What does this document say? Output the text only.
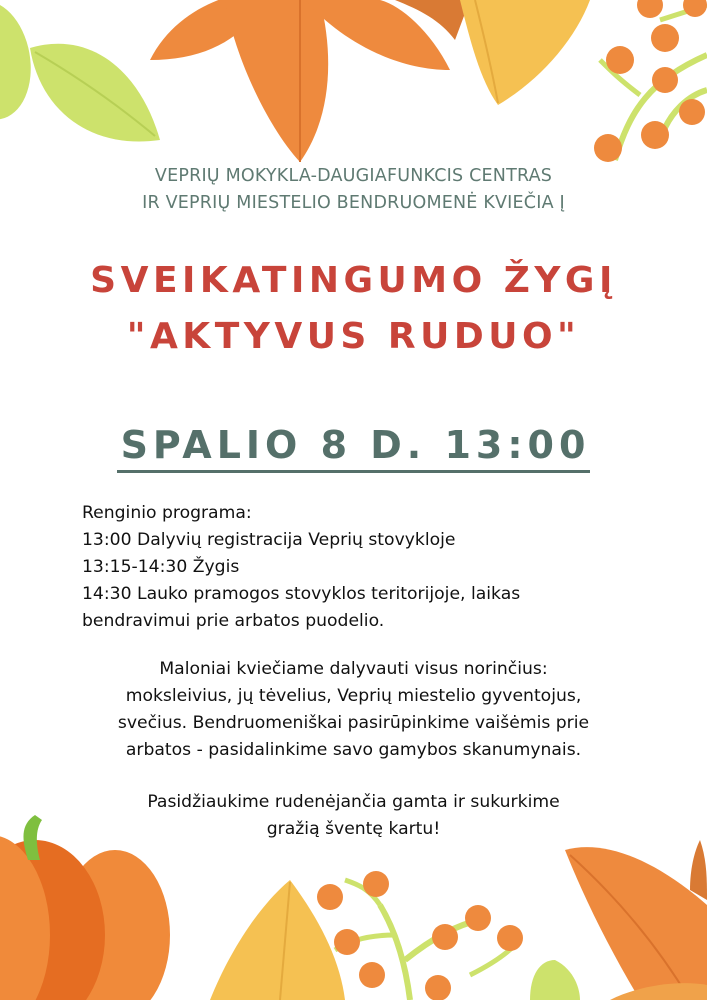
VEPRIŲ MOKYKLA-DAUGIAFUNKCIS CENTRAS
IR VEPRIŲ MIESTELIO BENDRUOMENĖ KVIEČIA Į
SVEIKATINGUMO ŽYGĮ
"AKTYVUS RUDUO"
SPALIO 8 D. 13:00
Renginio programa:
13:00 Dalyvių registracija Veprių stovykloje
13:15-14:30 Žygis
14:30 Lauko pramogos stovyklos teritorijoje, laikas
bendravimui prie arbatos puodelio.
Maloniai kviečiame dalyvauti visus norinčius:
moksleivius, jų tėvelius, Veprių miestelio gyventojus,
svečius. Bendruomeniškai pasirūpinkime vaišėmis prie
arbatos - pasidalinkime savo gamybos skanumynais.
Pasidžiaukime rudenėjančia gamta ir sukurkime
gražią šventę kartu!
